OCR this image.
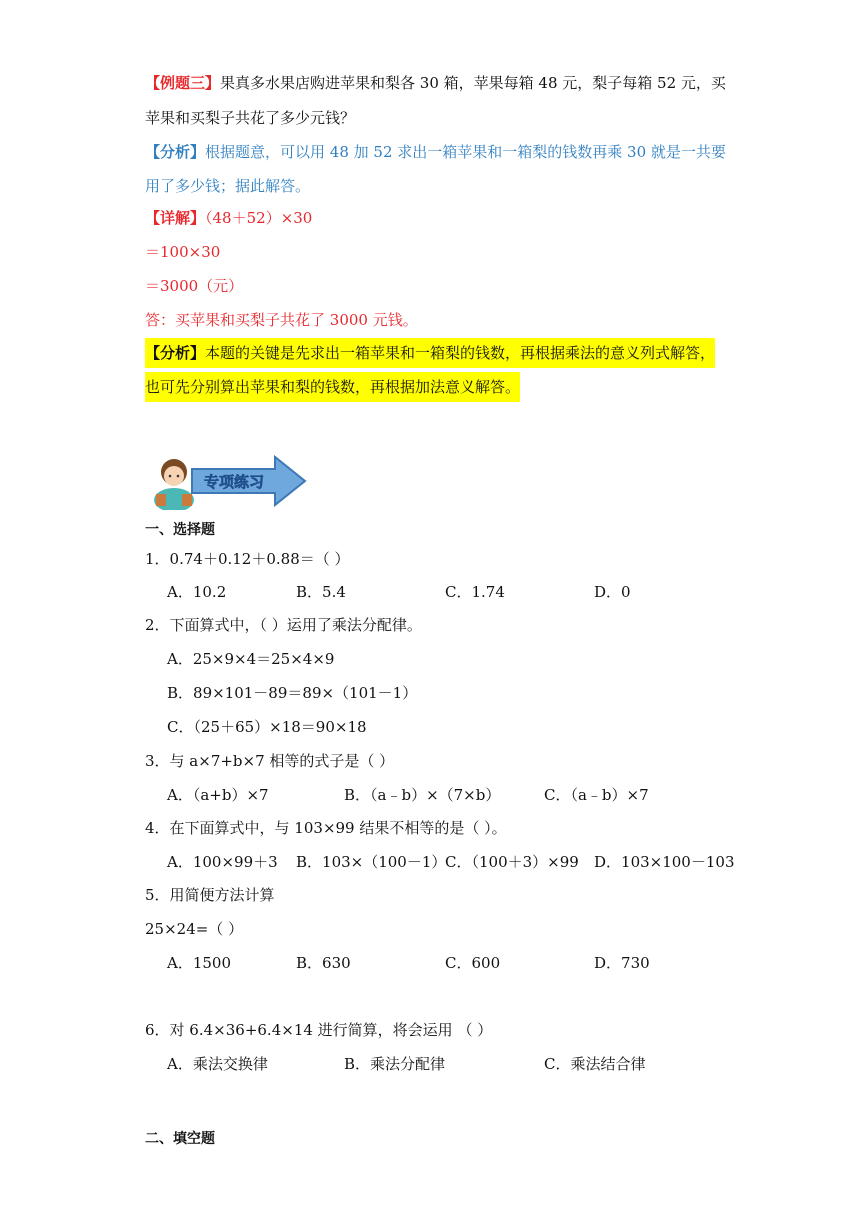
【例题三】果真多水果店购进苹果和梨各 30 箱，苹果每箱 48 元，梨子每箱 52 元，买
苹果和买梨子共花了多少元钱？
【分析】根据题意，可以用 48 加 52 求出一箱苹果和一箱梨的钱数再乘 30 就是一共要
用了多少钱；据此解答。
【详解】（48＋52）×30
＝100×30
＝3000（元）
答：买苹果和买梨子共花了 3000 元钱。
【分析】本题的关键是先求出一箱苹果和一箱梨的钱数，再根据乘法的意义列式解答，
也可先分别算出苹果和梨的钱数，再根据加法意义解答。
专项练习
一、选择题
1．0.74＋0.12＋0.88＝（ ）
A．10.2	B．5.4	C．1.74	D．0
2．下面算式中，（ ）运用了乘法分配律。
A．25×9×4＝25×4×9
B．89×101－89＝89×（101－1）
C．（25＋65）×18＝90×18
3．与 a×7+b×7 相等的式子是（ ）
A．（a+b）×7	B．（a﹣b）×（7×b）	C．（a﹣b）×7
4．在下面算式中，与 103×99 结果不相等的是（ ）。
A．100×99＋3 B．103×（100－1）
C．（100＋3）×99 D．103×100－103
5．用简便方法计算
25×24=（ ）
A．1500	B．630	C．600	D．730
6．对 6.4×36+6.4×14 进行简算，将会运用 （ ）
A．乘法交换律	B．乘法分配律	C．乘法结合律
二、填空题
